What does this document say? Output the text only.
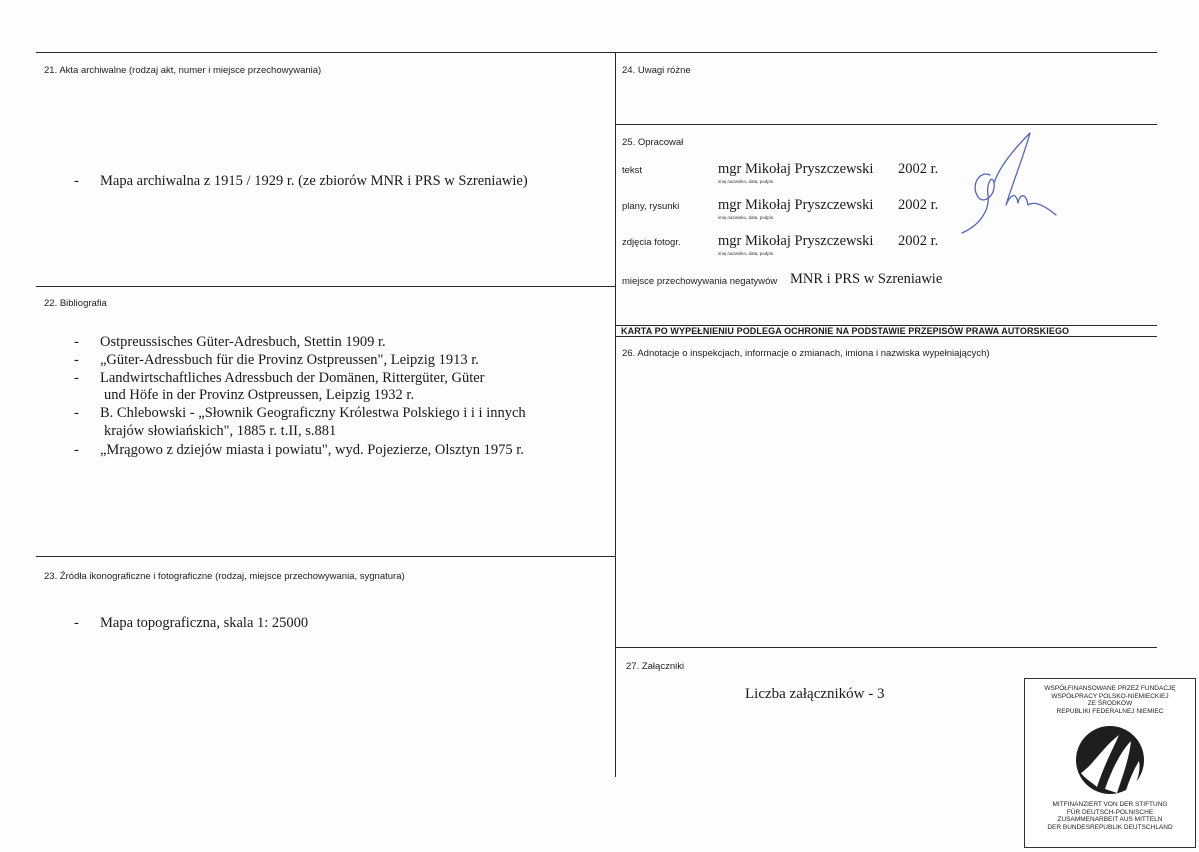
21. Akta archiwalne (rodzaj akt, numer i miejsce przechowywania)
- Mapa archiwalna z 1915 / 1929 r. (ze zbiorów MNR i PRS w Szreniawie)
22. Bibliografia
- Ostpreussisches Güter-Adresbuch, Stettin 1909 r.
- „Güter-Adressbuch für die Provinz Ostpreussen", Leipzig 1913 r.
- Landwirtschaftliches Adressbuch der Domänen, Rittergüter, Güter
und Höfe in der Provinz Ostpreussen, Leipzig 1932 r.
- B. Chlebowski - „Słownik Geograficzny Królestwa Polskiego i i i innych
krajów słowiańskich", 1885 r. t.II, s.881
- „Mrągowo z dziejów miasta i powiatu", wyd. Pojezierze, Olsztyn 1975 r.
23. Źródła ikonograficzne i fotograficzne (rodzaj, miejsce przechowywania, sygnatura)
- Mapa topograficzna, skala 1: 25000
24. Uwagi różne
25. Opracował
tekst	mgr Mikołaj Pryszczewski 2002 r.
imię,nazwisko, data, podpis
plany, rysunki	mgr Mikołaj Pryszczewski 2002 r.
imię,nazwisko, data, podpis
zdjęcia fotogr.	mgr Mikołaj Pryszczewski 2002 r.
imię,nazwisko, data, podpis
miejsce przechowywania negatywów MNR i PRS w Szreniawie
KARTA PO WYPEŁNIENIU PODLEGA OCHRONIE NA PODSTAWIE PRZEPISÓW PRAWA AUTORSKIEGO
26. Adnotacje o inspekcjach, informacje o zmianach, imiona i nazwiska wypełniających)
27. Załączniki
Liczba załączników - 3	WSPÓŁFINANSOWANE PRZEZ FUNDACJĘ
WSPÓŁPRACY POLSKO-NIEMIECKIEJ
ZE ŚRODKÓW
REPUBLIKI FEDERALNEJ NIEMIEC
MITFINANZIERT VON DER STIFTUNG
FÜR DEUTSCH-POLNISCHE
ZUSAMMENARBEIT AUS MITTELN
DER BUNDESREPUBLIK DEUTSCHLAND
